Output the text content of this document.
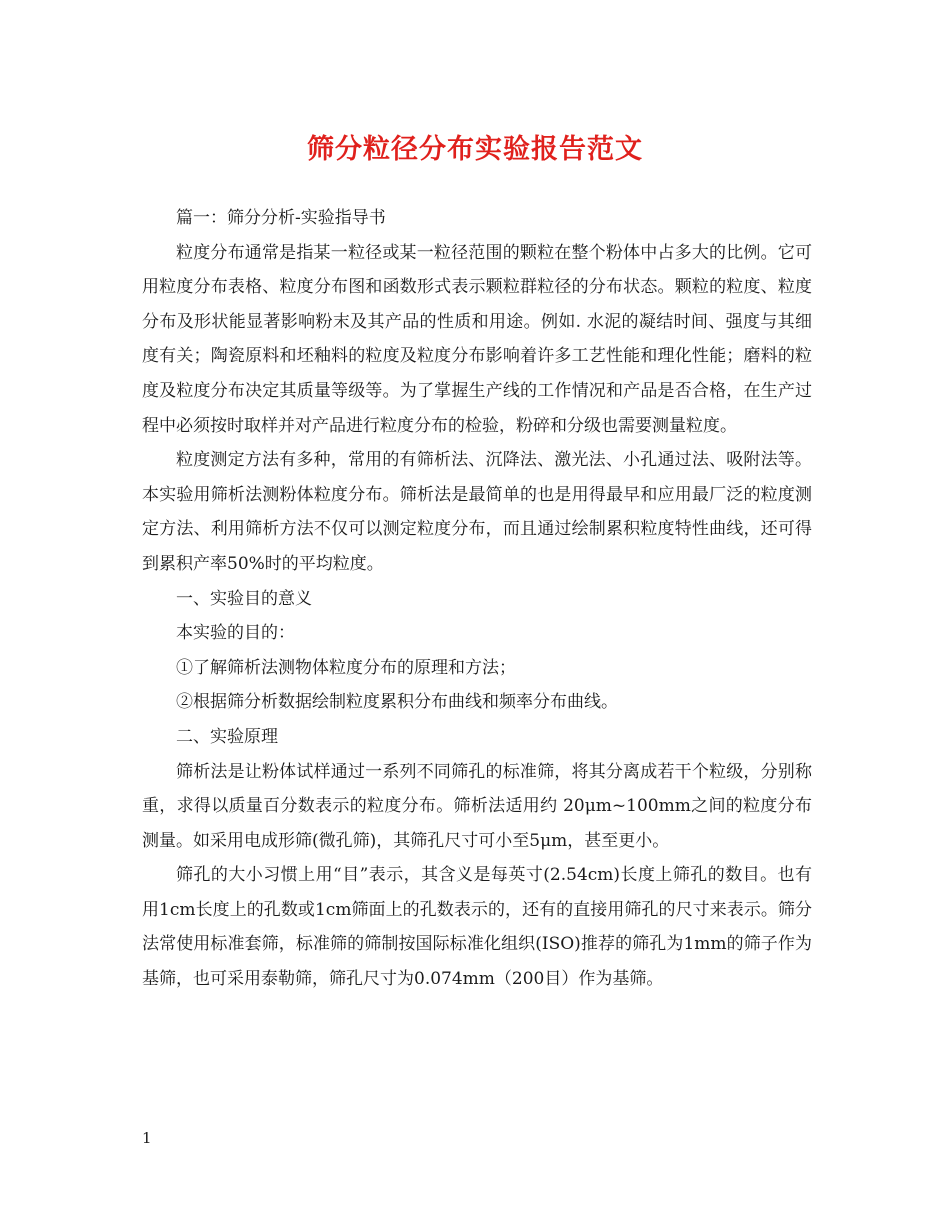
筛分粒径分布实验报告范文

篇一：筛分分析-实验指导书

粒度分布通常是指某一粒径或某一粒径范围的颗粒在整个粉体中占多大的比例。它可用粒度分布表格、粒度分布图和函数形式表示颗粒群粒径的分布状态。颗粒的粒度、粒度分布及形状能显著影响粉末及其产品的性质和用途。例如. 水泥的凝结时间、强度与其细度有关；陶瓷原料和坯釉料的粒度及粒度分布影响着许多工艺性能和理化性能；磨料的粒度及粒度分布决定其质量等级等。为了掌握生产线的工作情况和产品是否合格，在生产过程中必须按时取样并对产品进行粒度分布的检验，粉碎和分级也需要测量粒度。

粒度测定方法有多种，常用的有筛析法、沉降法、激光法、小孔通过法、吸附法等。本实验用筛析法测粉体粒度分布。筛析法是最简单的也是用得最早和应用最厂泛的粒度测定方法、利用筛析方法不仅可以测定粒度分布，而且通过绘制累积粒度特性曲线，还可得到累积产率50%时的平均粒度。

一、实验目的意义

本实验的目的：

①了解筛析法测物体粒度分布的原理和方法；

②根据筛分析数据绘制粒度累积分布曲线和频率分布曲线。

二、实验原理

筛析法是让粉体试样通过一系列不同筛孔的标准筛，将其分离成若干个粒级，分别称重，求得以质量百分数表示的粒度分布。筛析法适用约 20μm~100mm之间的粒度分布测量。如采用电成形筛(微孔筛)，其筛孔尺寸可小至5μm，甚至更小。

筛孔的大小习惯上用“目”表示，其含义是每英寸(2.54cm)长度上筛孔的数目。也有用1cm长度上的孔数或1cm筛面上的孔数表示的，还有的直接用筛孔的尺寸来表示。筛分法常使用标准套筛，标准筛的筛制按国际标准化组织(ISO)推荐的筛孔为1mm的筛子作为基筛，也可采用泰勒筛，筛孔尺寸为0.074mm（200目）作为基筛。

1
